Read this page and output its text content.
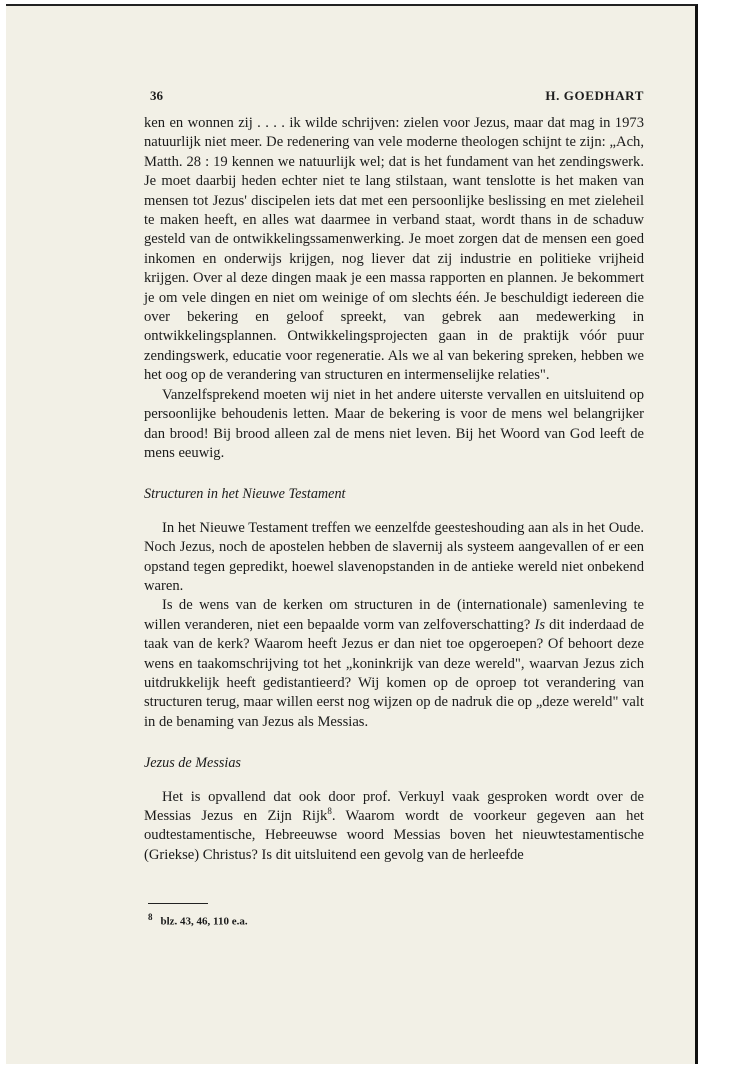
36	H. GOEDHART

ken en wonnen zij . . . . ik wilde schrijven: zielen voor Jezus, maar dat mag in 1973 natuurlijk niet meer. De redenering van vele moderne theologen schijnt te zijn: „Ach, Matth. 28 : 19 kennen we natuurlijk wel; dat is het fundament van het zendingswerk. Je moet daarbij heden echter niet te lang stilstaan, want tenslotte is het maken van mensen tot Jezus' discipelen iets dat met een persoonlijke beslissing en met zieleheil te maken heeft, en alles wat daarmee in verband staat, wordt thans in de schaduw gesteld van de ontwikkelingssamenwerking. Je moet zorgen dat de mensen een goed inkomen en onderwijs krijgen, nog liever dat zij industrie en politieke vrijheid krijgen. Over al deze dingen maak je een massa rapporten en plannen. Je bekommert je om vele dingen en niet om weinige of om slechts één. Je beschuldigt iedereen die over bekering en geloof spreekt, van gebrek aan medewerking in ontwikkelingsplannen. Ontwikkelingsprojecten gaan in de praktijk vóór puur zendingswerk, educatie voor regeneratie. Als we al van bekering spreken, hebben we het oog op de verandering van structuren en intermenselijke relaties".

Vanzelfsprekend moeten wij niet in het andere uiterste vervallen en uitsluitend op persoonlijke behoudenis letten. Maar de bekering is voor de mens wel belangrijker dan brood! Bij brood alleen zal de mens niet leven. Bij het Woord van God leeft de mens eeuwig.

Structuren in het Nieuwe Testament

In het Nieuwe Testament treffen we eenzelfde geesteshouding aan als in het Oude. Noch Jezus, noch de apostelen hebben de slavernij als systeem aangevallen of er een opstand tegen gepredikt, hoewel slavenopstanden in de antieke wereld niet onbekend waren.

Is de wens van de kerken om structuren in de (internationale) samenleving te willen veranderen, niet een bepaalde vorm van zelfoverschatting? Is dit inderdaad de taak van de kerk? Waarom heeft Jezus er dan niet toe opgeroepen? Of behoort deze wens en taakomschrijving tot het „koninkrijk van deze wereld", waarvan Jezus zich uitdrukkelijk heeft gedistantieerd? Wij komen op de oproep tot verandering van structuren terug, maar willen eerst nog wijzen op de nadruk die op „deze wereld" valt in de benaming van Jezus als Messias.

Jezus de Messias

Het is opvallend dat ook door prof. Verkuyl vaak gesproken wordt over de Messias Jezus en Zijn Rijk$^8$. Waarom wordt de voorkeur gegeven aan het oudtestamentische, Hebreeuwse woord Messias boven het nieuwtestamentische (Griekse) Christus? Is dit uitsluitend een gevolg van de herleefde

$^8$ blz. 43, 46, 110 e.a.
